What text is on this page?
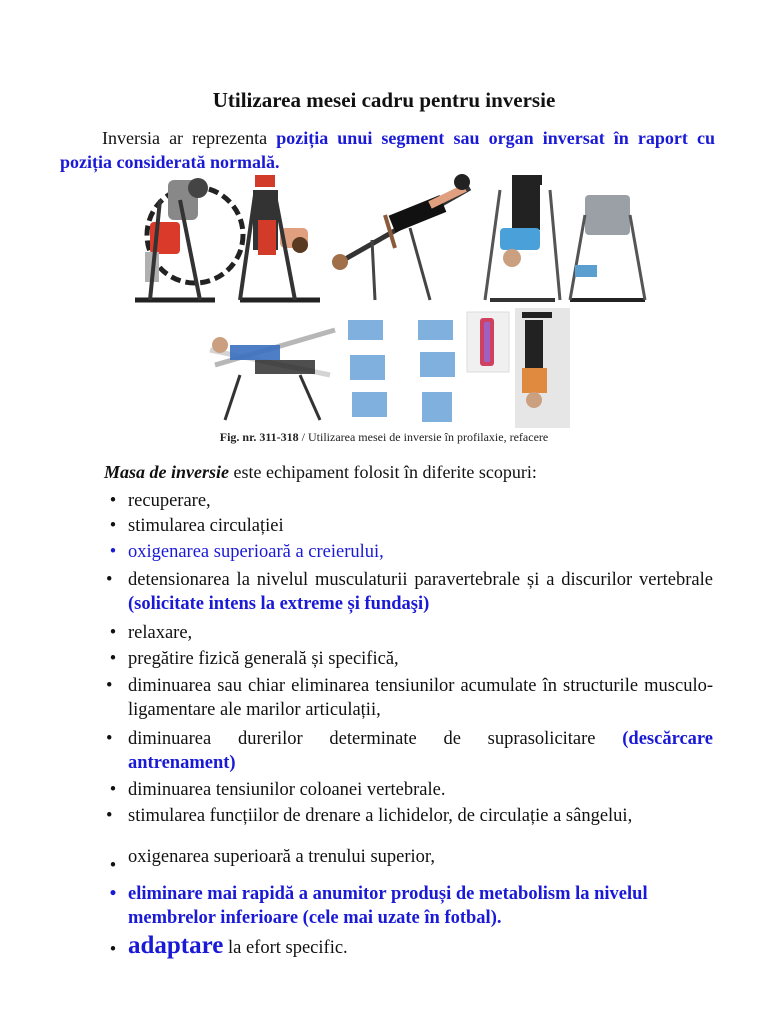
Utilizarea mesei cadru pentru inversie
Inversia ar reprezenta poziția unui segment sau organ inversat în raport cu poziția considerată normală.
Fig. nr. 311-318 / Utilizarea mesei de inversie în profilaxie, refacere
Masa de inversie este echipament folosit în diferite scopuri:
• recuperare,
• stimularea circulației
• oxigenarea superioară a creierului,
• detensionarea la nivelul musculaturii paravertebrale și a discurilor vertebrale (solicitate intens la extreme și fundaşi)
• relaxare,
• pregătire fizică generală și specifică,
• diminuarea sau chiar eliminarea tensiunilor acumulate în structurile musculo-ligamentare ale marilor articulații,
• diminuarea durerilor determinate de suprasolicitare (descărcare antrenament)
• diminuarea tensiunilor coloanei vertebrale.
• stimularea funcțiilor de drenare a lichidelor, de circulație a sângelui,
• oxigenarea superioară a trenului superior,
• eliminare mai rapidă a anumitor produși de metabolism la nivelul membrelor inferioare (cele mai uzate în fotbal).
• adaptare la efort specific.
